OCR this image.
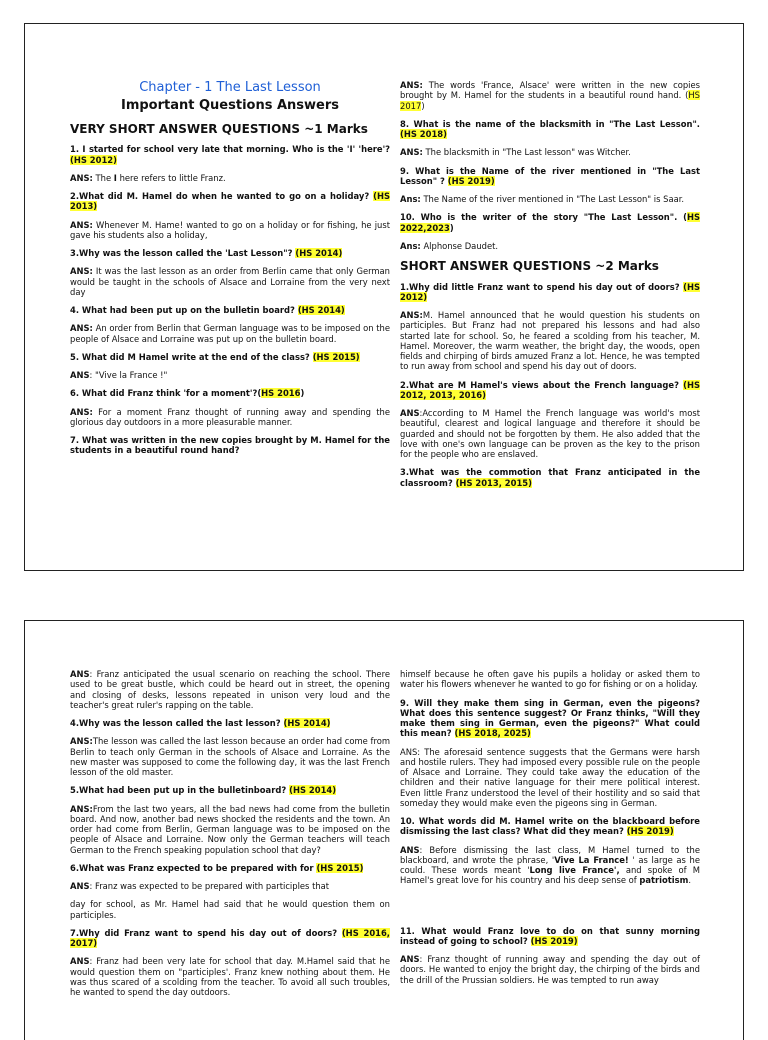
Chapter - 1 The Last Lesson
Important Questions Answers
VERY SHORT ANSWER QUESTIONS ~1 Marks

1. I started for school very late that morning. Who is the 'I' 'here'? (HS 2012)

ANS: The I here refers to little Franz.

2.What did M. Hamel do when he wanted to go on a holiday? (HS 2013)

ANS: Whenever M. Hame! wanted to go on a holiday or for fishing, he just gave his students also a holiday,

3.Why was the lesson called the 'Last Lesson"? (HS 2014)

ANS: It was the last lesson as an order from Berlin came that only German would be taught in the schools of Alsace and Lorraine from the very next day

4. What had been put up on the bulletin board? (HS 2014)

ANS: An order from Berlin that German language was to be imposed on the people of Alsace and Lorraine was put up on the bulletin board.

5. What did M Hamel write at the end of the class? (HS 2015)

ANS: "Vive la France !"

6. What did Franz think 'for a moment'?(HS 2016)

ANS: For a moment Franz thought of running away and spending the glorious day outdoors in a more pleasurable manner.

7. What was written in the new copies brought by M. Hamel for the students in a beautiful round hand?

ANS: The words 'France, Alsace' were written in the new copies brought by M. Hamel for the students in a beautiful round hand. (HS 2017)

8. What is the name of the blacksmith in "The Last Lesson". (HS 2018)

ANS: The blacksmith in "The Last lesson" was Witcher.

9. What is the Name of the river mentioned in "The Last Lesson" ? (HS 2019)

Ans: The Name of the river mentioned in "The Last Lesson" is Saar.

10. Who is the writer of the story "The Last Lesson". (HS 2022,2023)

Ans: Alphonse Daudet.

SHORT ANSWER QUESTIONS ~2 Marks

1.Why did little Franz want to spend his day out of doors? (HS 2012)

ANS:M. Hamel announced that he would question his students on participles. But Franz had not prepared his lessons and had also started late for school. So, he feared a scolding from his teacher, M. Hamel. Moreover, the warm weather, the bright day, the woods, open fields and chirping of birds amuzed Franz a lot. Hence, he was tempted to run away from school and spend his day out of doors.

2.What are M Hamel's views about the French language? (HS 2012, 2013, 2016)

ANS:According to M Hamel the French language was world's most beautiful, clearest and logical language and therefore it should be guarded and should not be forgotten by them. He also added that the love with one's own language can be proven as the key to the prison for the people who are enslaved.

3.What was the commotion that Franz anticipated in the classroom? (HS 2013, 2015)

ANS: Franz anticipated the usual scenario on reaching the school. There used to be great bustle, which could be heard out in street, the opening and closing of desks, lessons repeated in unison very loud and the teacher's great ruler's rapping on the table.

4.Why was the lesson called the last lesson? (HS 2014)

ANS:The lesson was called the last lesson because an order had come from Berlin to teach only German in the schools of Alsace and Lorraine. As the new master was supposed to come the following day, it was the last French lesson of the old master.

5.What had been put up in the bulletinboard? (HS 2014)

ANS:From the last two years, all the bad news had come from the bulletin board. And now, another bad news shocked the residents and the town. An order had come from Berlin, German language was to be imposed on the people of Alsace and Lorraine. Now only the German teachers will teach German to the French speaking population school that day?

6.What was Franz expected to be prepared with for (HS 2015)

ANS: Franz was expected to be prepared with participles that

day for school, as Mr. Hamel had said that he would question them on participles.

7.Why did Franz want to spend his day out of doors? (HS 2016, 2017)

ANS: Franz had been very late for school that day. M.Hamel said that he would question them on "participles'. Franz knew nothing about them. He was thus scared of a scolding from the teacher. To avoid all such troubles, he wanted to spend the day outdoors.

himself because he often gave his pupils a holiday or asked them to water his flowers whenever he wanted to go for fishing or on a holiday.

9. Will they make them sing in German, even the pigeons? What does this sentence suggest? Or Franz thinks, "Will they make them sing in German, even the pigeons?" What could this mean? (HS 2018, 2025)

ANS: The aforesaid sentence suggests that the Germans were harsh and hostile rulers. They had imposed every possible rule on the people of Alsace and Lorraine. They could take away the education of the children and their native language for their mere political interest. Even little Franz understood the level of their hostility and so said that someday they would make even the pigeons sing in German.

10. What words did M. Hamel write on the blackboard before dismissing the last class? What did they mean? (HS 2019)

ANS: Before dismissing the last class, M Hamel turned to the blackboard, and wrote the phrase, 'Vive La France! ' as large as he could. These words meant 'Long live France', and spoke of M Hamel's great love for his country and his deep sense of patriotism.

11. What would Franz love to do on that sunny morning instead of going to school? (HS 2019)

ANS: Franz thought of running away and spending the day out of doors. He wanted to enjoy the bright day, the chirping of the birds and the drill of the Prussian soldiers. He was tempted to run away
